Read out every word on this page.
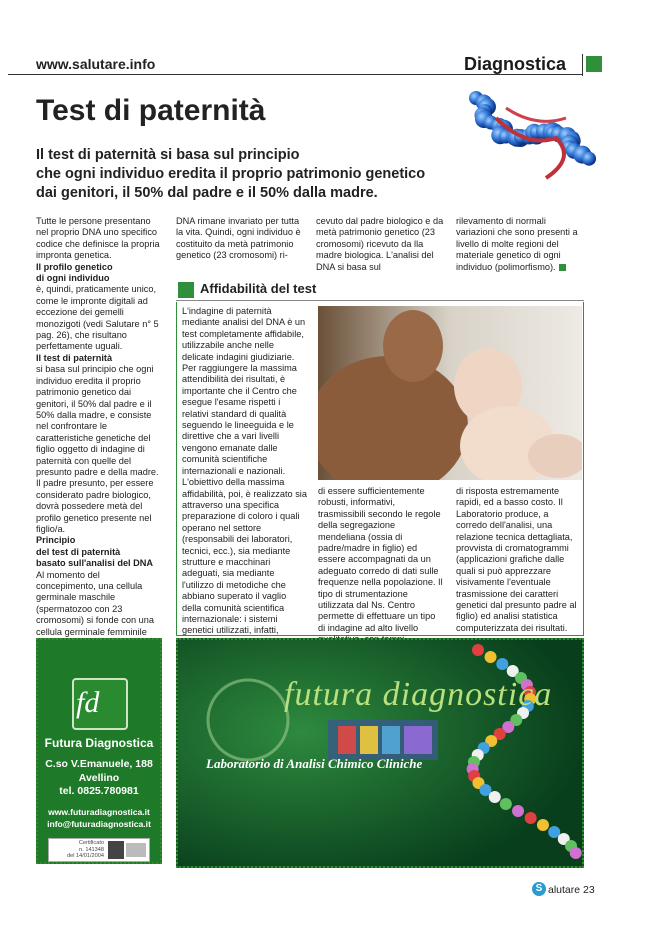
www.salutare.info	Diagnostica
Test di paternità
Il test di paternità si basa sul principio
che ogni individuo eredita il proprio patrimonio genetico
dai genitori, il 50% dal padre e il 50% dalla madre.

Tutte le persone presentano nel proprio DNA uno specifico codice che definisce la propria impronta genetica.

Il profilo genetico

di ogni individuo

è, quindi, praticamente unico, come le impronte digitali ad eccezione dei gemelli monozigoti (vedi Salutare n° 5 pag. 26), che risultano perfettamente uguali.

Il test di paternità

si basa sul principio che ogni individuo eredita il proprio patrimonio genetico dai genitori, il 50% dal padre e il 50% dalla madre, e consiste nel confrontare le caratteristiche genetiche del figlio oggetto di indagine di paternità con quelle del presunto padre e della madre.

Il padre presunto, per essere considerato padre biologico, dovrà possedere metà del profilo genetico presente nel figlio/a.

Principio

del test di paternità

basato sull'analisi del DNA

Al momento del concepimento, una cellula germinale maschile (spermatozoo con 23 cromosomi) si fonde con una cellula germinale femminile

DNA rimane invariato per tutta la vita. Quindi, ogni individuo è costituito da metà patrimonio genetico (23 cromosomi) ri-
cevuto dal padre biologico e da metà patrimonio genetico (23 cromosomi) ricevuto da lla madre biologica. L'analisi del DNA si basa sul
rilevamento di normali variazioni che sono presenti a livello di molte regioni del materiale genetico di ogni individuo (polimorfismo).
Affidabilità del test
L'indagine di paternità mediante analisi del DNA è un test completamente affidabile, utilizzabile anche nelle delicate indagini giudiziarie. Per raggiungere la massima attendibilità dei risultati, è importante che il Centro che esegue l'esame rispetti i relativi standard di qualità seguendo le lineeguida e le direttive che a vari livelli vengono emanate dalle comunità scientifiche internazionali e nazionali. L'obiettivo della massima affidabilità, poi, è realizzato sia attraverso una specifica preparazione di coloro i quali operano nel settore (responsabili dei laboratori, tecnici, ecc.), sia mediante strutture e macchinari adeguati, sia mediante l'utilizzo di metodiche che abbiano superato il vaglio della comunità scientifica internazionale: i sistemi genetici utilizzati, infatti,
di essere sufficientemente robusti, informativi, trasmissibili secondo le regole della segregazione mendeliana (ossia di padre/madre in figlio) ed essere accompagnati da un adeguato corredo di dati sulle frequenze nella popolazione. Il tipo di strumentazione utilizzata dal Ns. Centro permette di effettuare un tipo di indagine ad alto livello
di risposta estremamente rapidi, ed a basso costo. Il Laboratorio produce, a corredo dell'analisi, una relazione tecnica dettagliata, provvista di cromatogrammi (applicazioni grafiche dalle quali si può apprezzare visivamente l'eventuale trasmissione dei caratteri genetici dal presunto padre al figlio) ed analisi statistica computerizzata dei risultati.
fd
Futura Diagnostica
C.so V.Emanuele, 188
Avellino
tel. 0825.780981
www.futuradiagnostica.it
info@futuradiagnostica.it
Certificato
n. 141348
del 14/01/2004
futura diagnostica
Laboratorio di Analisi Chimico Cliniche
S alutare 23
